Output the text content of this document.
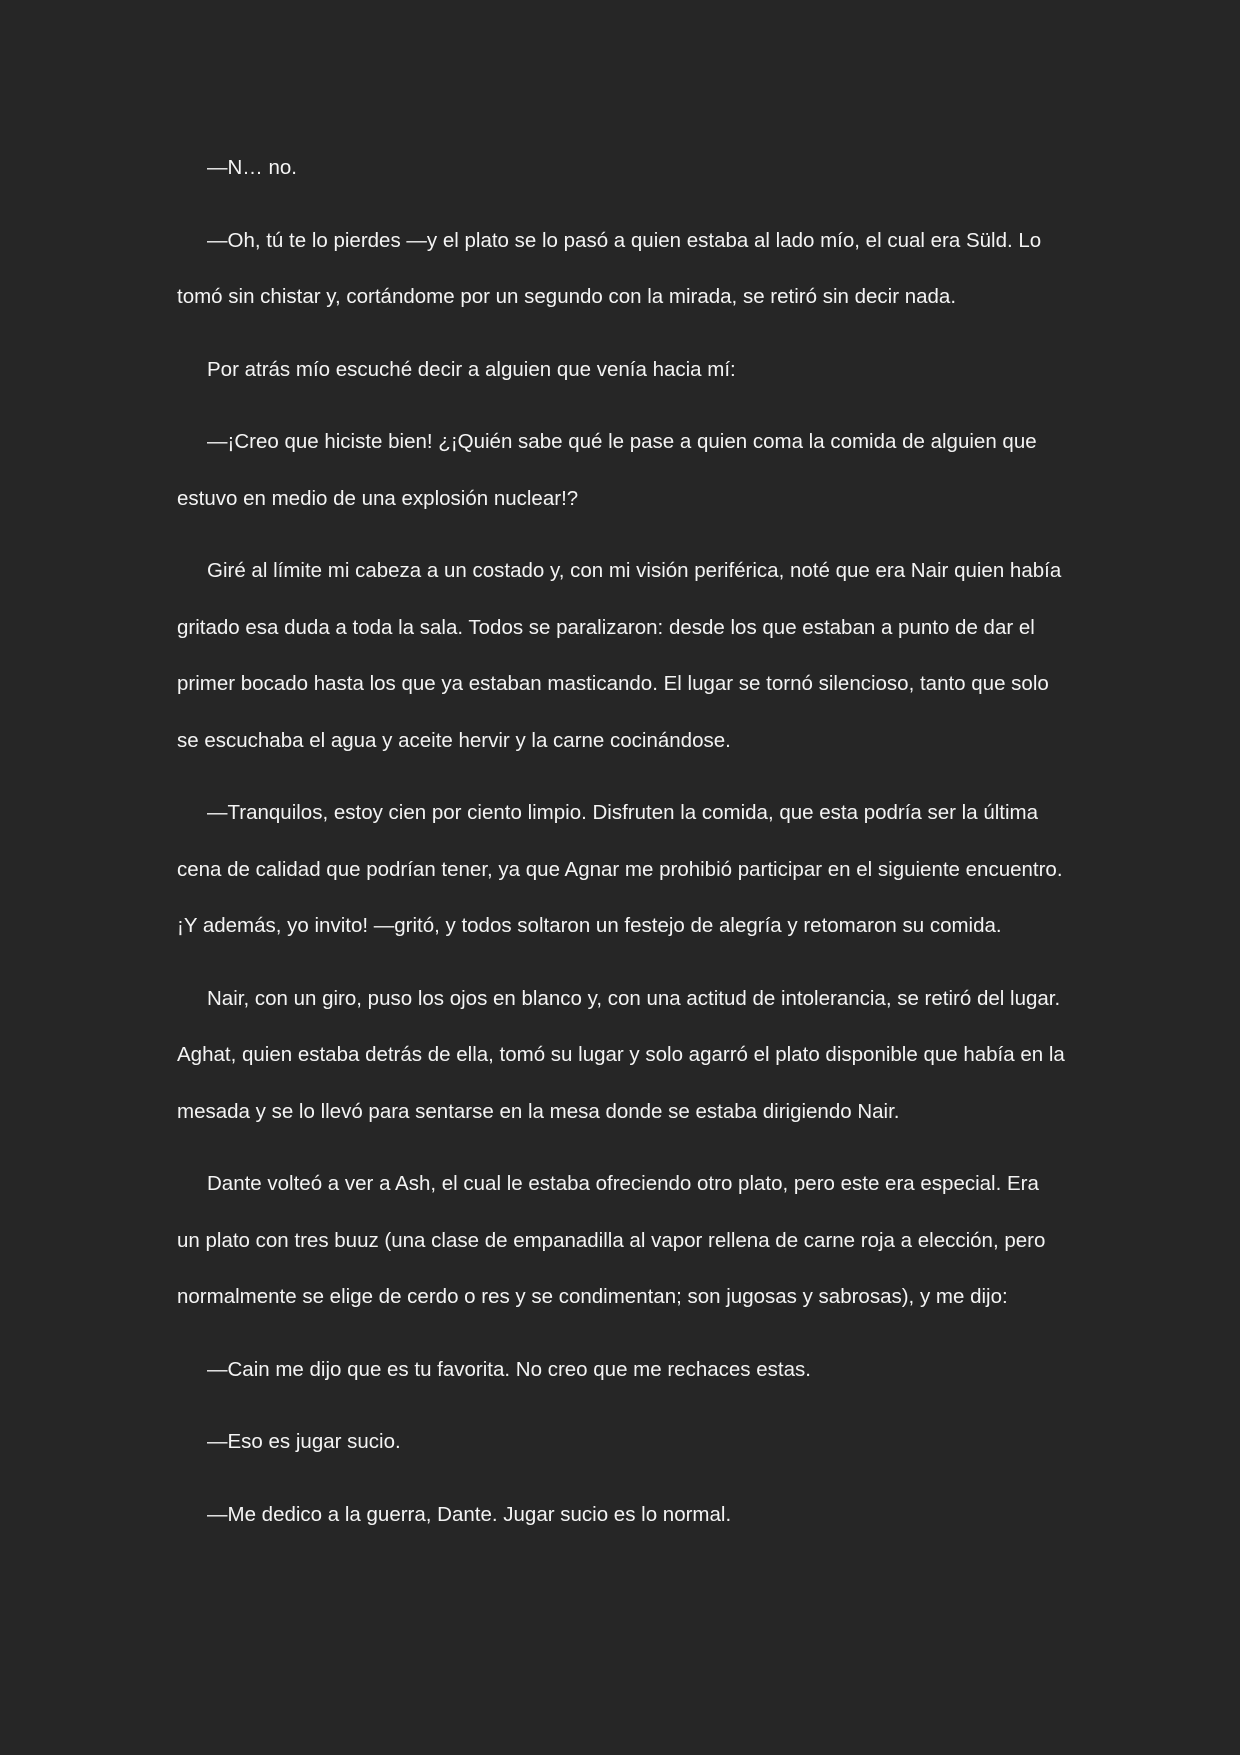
—N… no.

—Oh, tú te lo pierdes —y el plato se lo pasó a quien estaba al lado mío, el cual era Süld. Lo tomó sin chistar y, cortándome por un segundo con la mirada, se retiró sin decir nada.

Por atrás mío escuché decir a alguien que venía hacia mí:

—¡Creo que hiciste bien! ¿¡Quién sabe qué le pase a quien coma la comida de alguien que estuvo en medio de una explosión nuclear!?

Giré al límite mi cabeza a un costado y, con mi visión periférica, noté que era Nair quien había gritado esa duda a toda la sala. Todos se paralizaron: desde los que estaban a punto de dar el primer bocado hasta los que ya estaban masticando. El lugar se tornó silencioso, tanto que solo se escuchaba el agua y aceite hervir y la carne cocinándose.

—Tranquilos, estoy cien por ciento limpio. Disfruten la comida, que esta podría ser la última cena de calidad que podrían tener, ya que Agnar me prohibió participar en el siguiente encuentro. ¡Y además, yo invito! —gritó, y todos soltaron un festejo de alegría y retomaron su comida.

Nair, con un giro, puso los ojos en blanco y, con una actitud de intolerancia, se retiró del lugar. Aghat, quien estaba detrás de ella, tomó su lugar y solo agarró el plato disponible que había en la mesada y se lo llevó para sentarse en la mesa donde se estaba dirigiendo Nair.

Dante volteó a ver a Ash, el cual le estaba ofreciendo otro plato, pero este era especial. Era un plato con tres buuz (una clase de empanadilla al vapor rellena de carne roja a elección, pero normalmente se elige de cerdo o res y se condimentan; son jugosas y sabrosas), y me dijo:

—Cain me dijo que es tu favorita. No creo que me rechaces estas.

—Eso es jugar sucio.

—Me dedico a la guerra, Dante. Jugar sucio es lo normal.
